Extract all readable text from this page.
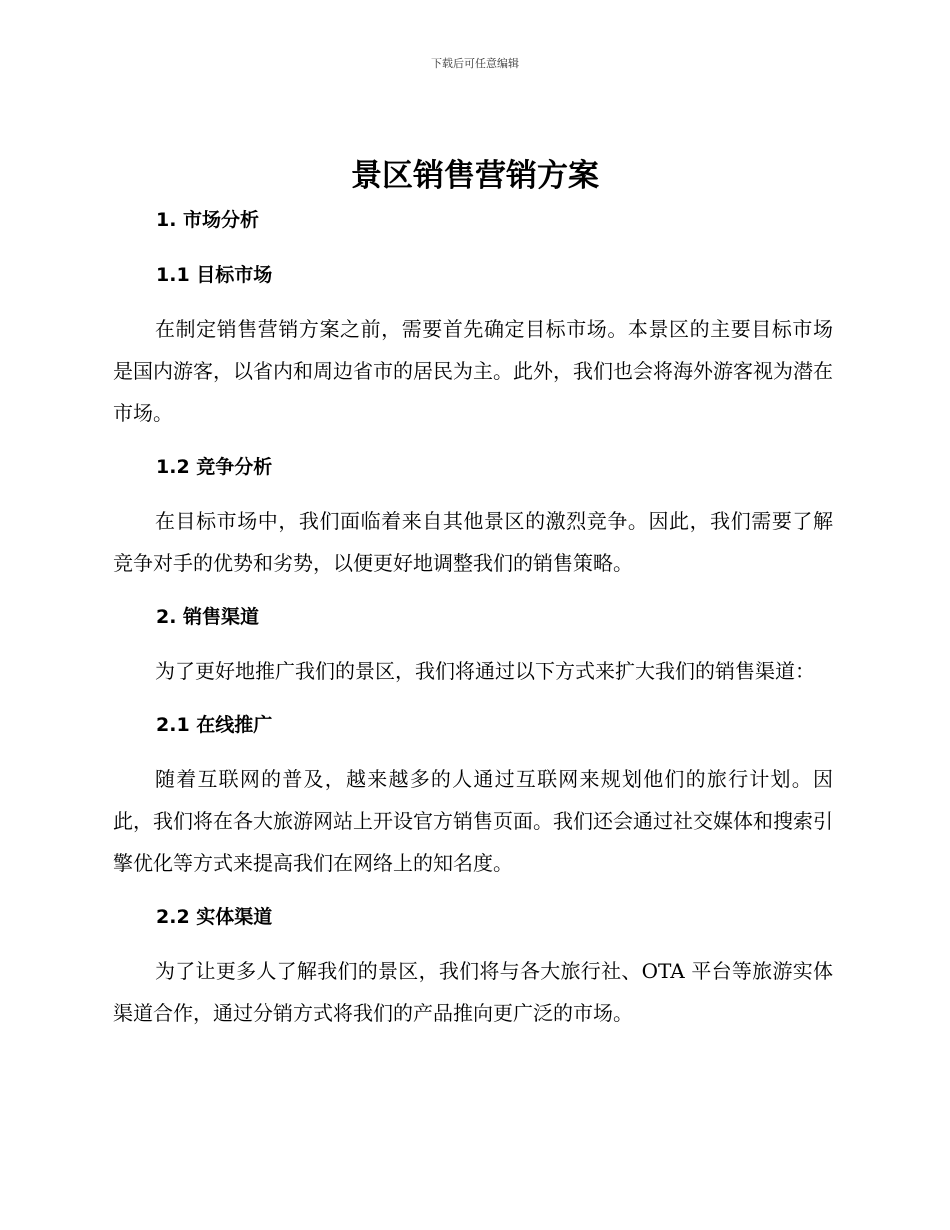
下载后可任意编辑
景区销售营销方案
1. 市场分析
1.1 目标市场

在制定销售营销方案之前，需要首先确定目标市场。本景区的主要目标市场是国内游客，以省内和周边省市的居民为主。此外，我们也会将海外游客视为潜在市场。

1.2 竞争分析

在目标市场中，我们面临着来自其他景区的激烈竞争。因此，我们需要了解竞争对手的优势和劣势，以便更好地调整我们的销售策略。

2. 销售渠道

为了更好地推广我们的景区，我们将通过以下方式来扩大我们的销售渠道：

2.1 在线推广

随着互联网的普及，越来越多的人通过互联网来规划他们的旅行计划。因此，我们将在各大旅游网站上开设官方销售页面。我们还会通过社交媒体和搜索引擎优化等方式来提高我们在网络上的知名度。

2.2 实体渠道

为了让更多人了解我们的景区，我们将与各大旅行社、OTA 平台等旅游实体渠道合作，通过分销方式将我们的产品推向更广泛的市场。
